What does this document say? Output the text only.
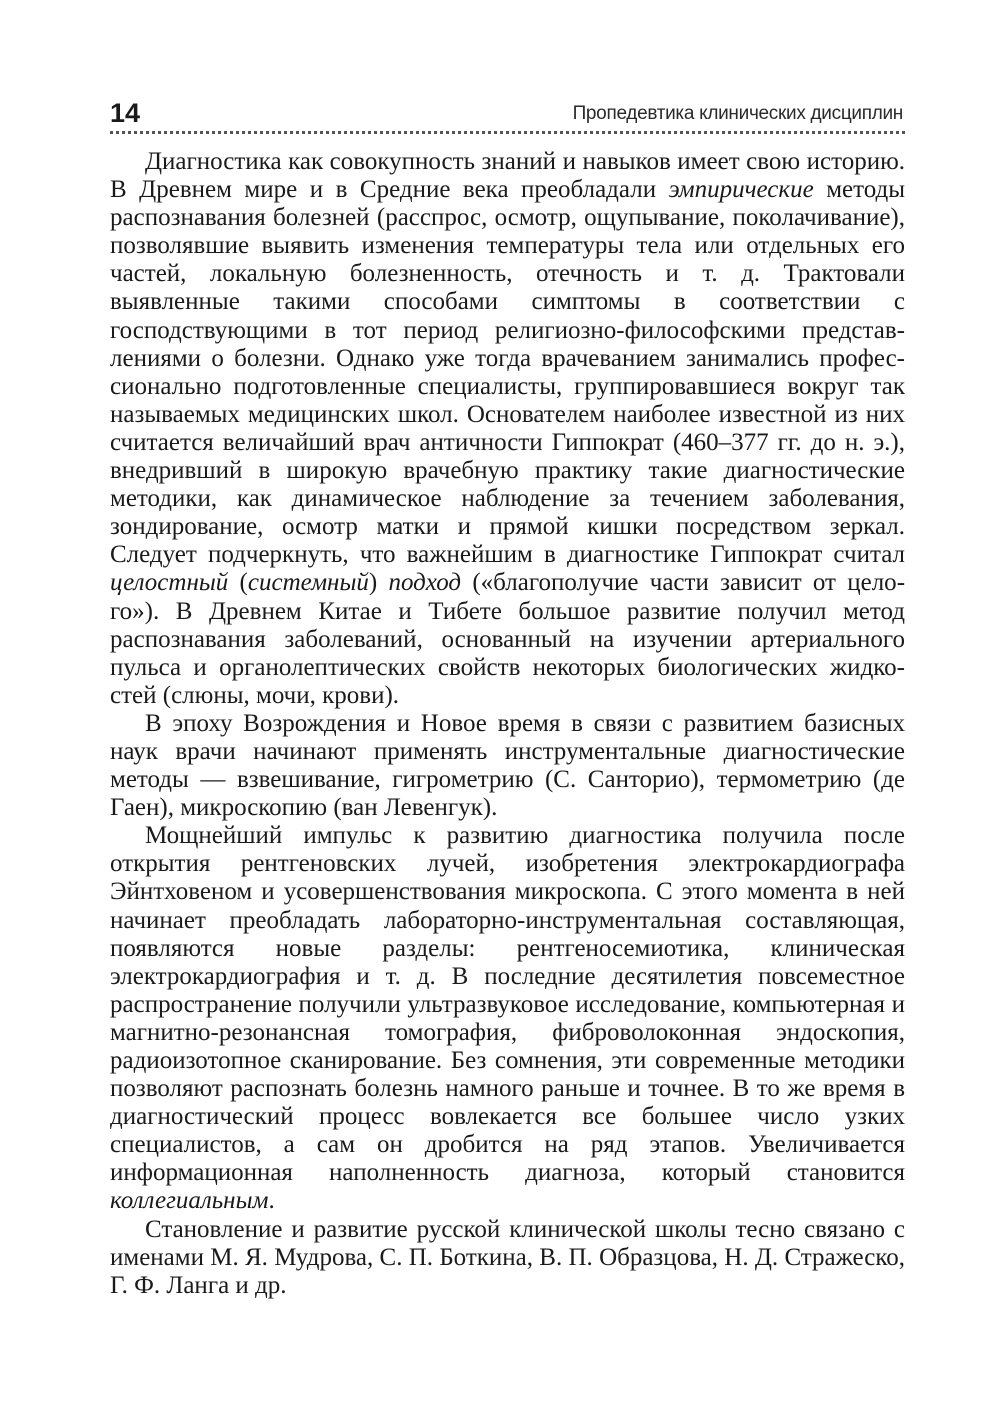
14	Пропедевтика клинических дисциплин

Диагностика как совокупность знаний и навыков имеет свою историю. В Древнем мире и в Средние века преобладали эмпирические методы распознавания болезней (расспрос, осмотр, ощупывание, поколачивание), позволявшие выявить изменения температуры тела или отдельных его частей, локальную болезненность, отечность и т. д. Трактовали выявленные такими способами симптомы в соответствии с господствующими в тот период религиозно-философскими представлениями о болезни. Однако уже тогда врачеванием занимались профессионально подготовленные специалисты, группировавшиеся вокруг так называемых медицинских школ. Основателем наиболее известной из них считается величайший врач античности Гиппократ (460–377 гг. до н. э.), внедривший в широкую врачебную практику такие диагностические методики, как динамическое наблюдение за течением заболевания, зондирование, осмотр матки и прямой кишки посредством зеркал. Следует подчеркнуть, что важнейшим в диагностике Гиппократ считал целостный (системный) подход («благополучие части зависит от целого»). В Древнем Китае и Тибете большое развитие получил метод распознавания заболеваний, основанный на изучении артериального пульса и органолептических свойств некоторых биологических жидкостей (слюны, мочи, крови).

В эпоху Возрождения и Новое время в связи с развитием базисных наук врачи начинают применять инструментальные диагностические методы — взвешивание, гигрометрию (С. Санторио), термометрию (де Гаен), микроскопию (ван Левенгук).

Мощнейший импульс к развитию диагностика получила после открытия рентгеновских лучей, изобретения электрокардиографа Эйнтховеном и усовершенствования микроскопа. С этого момента в ней начинает преобладать лабораторно-инструментальная составляющая, появляются новые разделы: рентгеносемиотика, клиническая электрокардиография и т. д. В последние десятилетия повсеместное распространение получили ультразвуковое исследование, компьютерная и магнитно-резонансная томография, фиброволоконная эндоскопия, радиоизотопное сканирование. Без сомнения, эти современные методики позволяют распознать болезнь намного раньше и точнее. В то же время в диагностический процесс вовлекается все большее число узких специалистов, а сам он дробится на ряд этапов. Увеличивается информационная наполненность диагноза, который становится коллегиальным.

Становление и развитие русской клинической школы тесно связано с именами М. Я. Мудрова, С. П. Боткина, В. П. Образцова, Н. Д. Стражеско, Г. Ф. Ланга и др.
